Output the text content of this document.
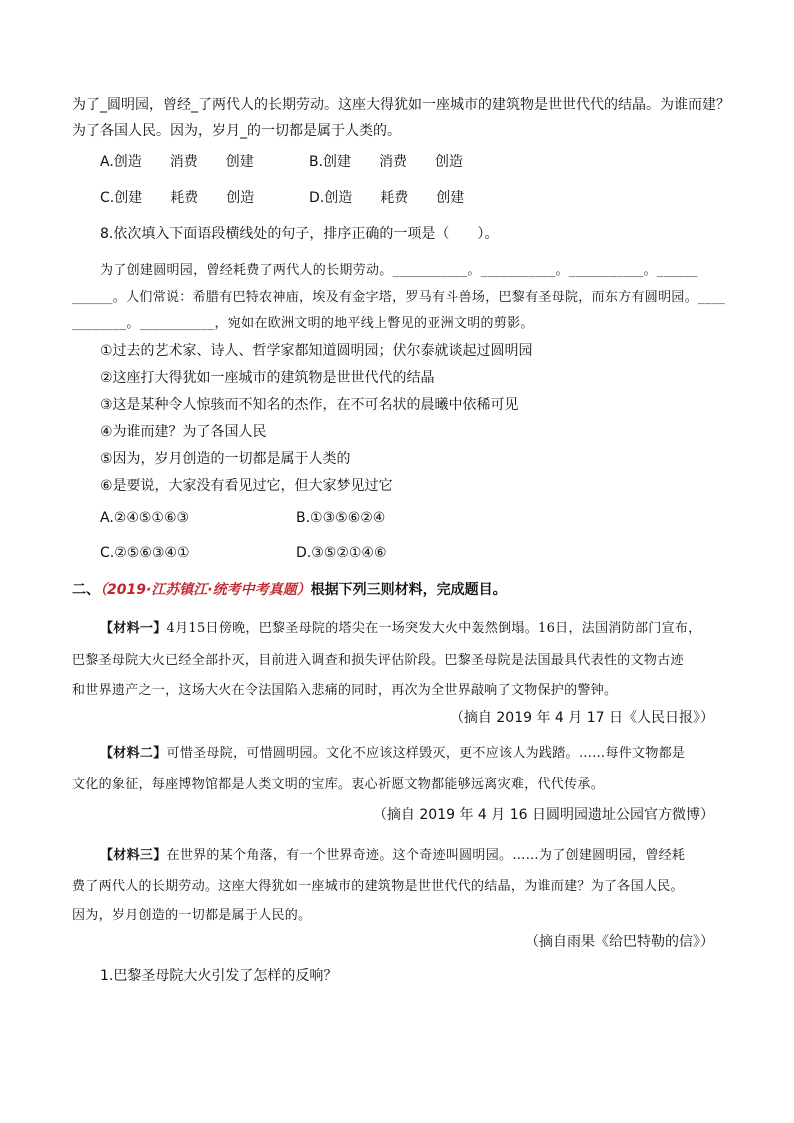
为了_圆明园，曾经_了两代人的长期劳动。这座大得犹如一座城市的建筑物是世世代代的结晶。为谁而建？
为了各国人民。因为，岁月_的一切都是属于人类的。
A.创造　　消费　　创建	B.创建　　消费　　创造
C.创建　　耗费　　创造	D.创造　　耗费　　创建
8.依次填入下面语段横线处的句子，排序正确的一项是（　　）。
为了创建圆明园，曾经耗费了两代人的长期劳动。___________。___________。___________。______
______。人们常说：希腊有巴特农神庙，埃及有金字塔，罗马有斗兽场，巴黎有圣母院，而东方有圆明园。____
________。___________，宛如在欧洲文明的地平线上瞥见的亚洲文明的剪影。
①过去的艺术家、诗人、哲学家都知道圆明园；伏尔泰就谈起过圆明园
②这座打大得犹如一座城市的建筑物是世世代代的结晶
③这是某种令人惊骇而不知名的杰作，在不可名状的晨曦中依稀可见
④为谁而建？为了各国人民
⑤因为，岁月创造的一切都是属于人类的
⑥是要说，大家没有看见过它，但大家梦见过它
A.②④⑤①⑥③	B.①③⑤⑥②④
C.②⑤⑥③④①	D.③⑤②①④⑥
二、（2019·江苏镇江·统考中考真题）根据下列三则材料，完成题目。
【材料一】4月15日傍晚，巴黎圣母院的塔尖在一场突发大火中轰然倒塌。16日，法国消防部门宣布，
巴黎圣母院大火已经全部扑灭，目前进入调查和损失评估阶段。巴黎圣母院是法国最具代表性的文物古迹
和世界遗产之一，这场大火在令法国陷入悲痛的同时，再次为全世界敲响了文物保护的警钟。
（摘自 2019 年 4 月 17 日《人民日报》）
【材料二】可惜圣母院，可惜圆明园。文化不应该这样毁灭，更不应该人为践踏。……每件文物都是
文化的象征，每座博物馆都是人类文明的宝库。衷心祈愿文物都能够远离灾难，代代传承。
（摘自 2019 年 4 月 16 日圆明园遗址公园官方微博）
【材料三】在世界的某个角落，有一个世界奇迹。这个奇迹叫圆明园。……为了创建圆明园，曾经耗
费了两代人的长期劳动。这座大得犹如一座城市的建筑物是世世代代的结晶，为谁而建？为了各国人民。
因为，岁月创造的一切都是属于人民的。
（摘自雨果《给巴特勒的信》）
1.巴黎圣母院大火引发了怎样的反响？
